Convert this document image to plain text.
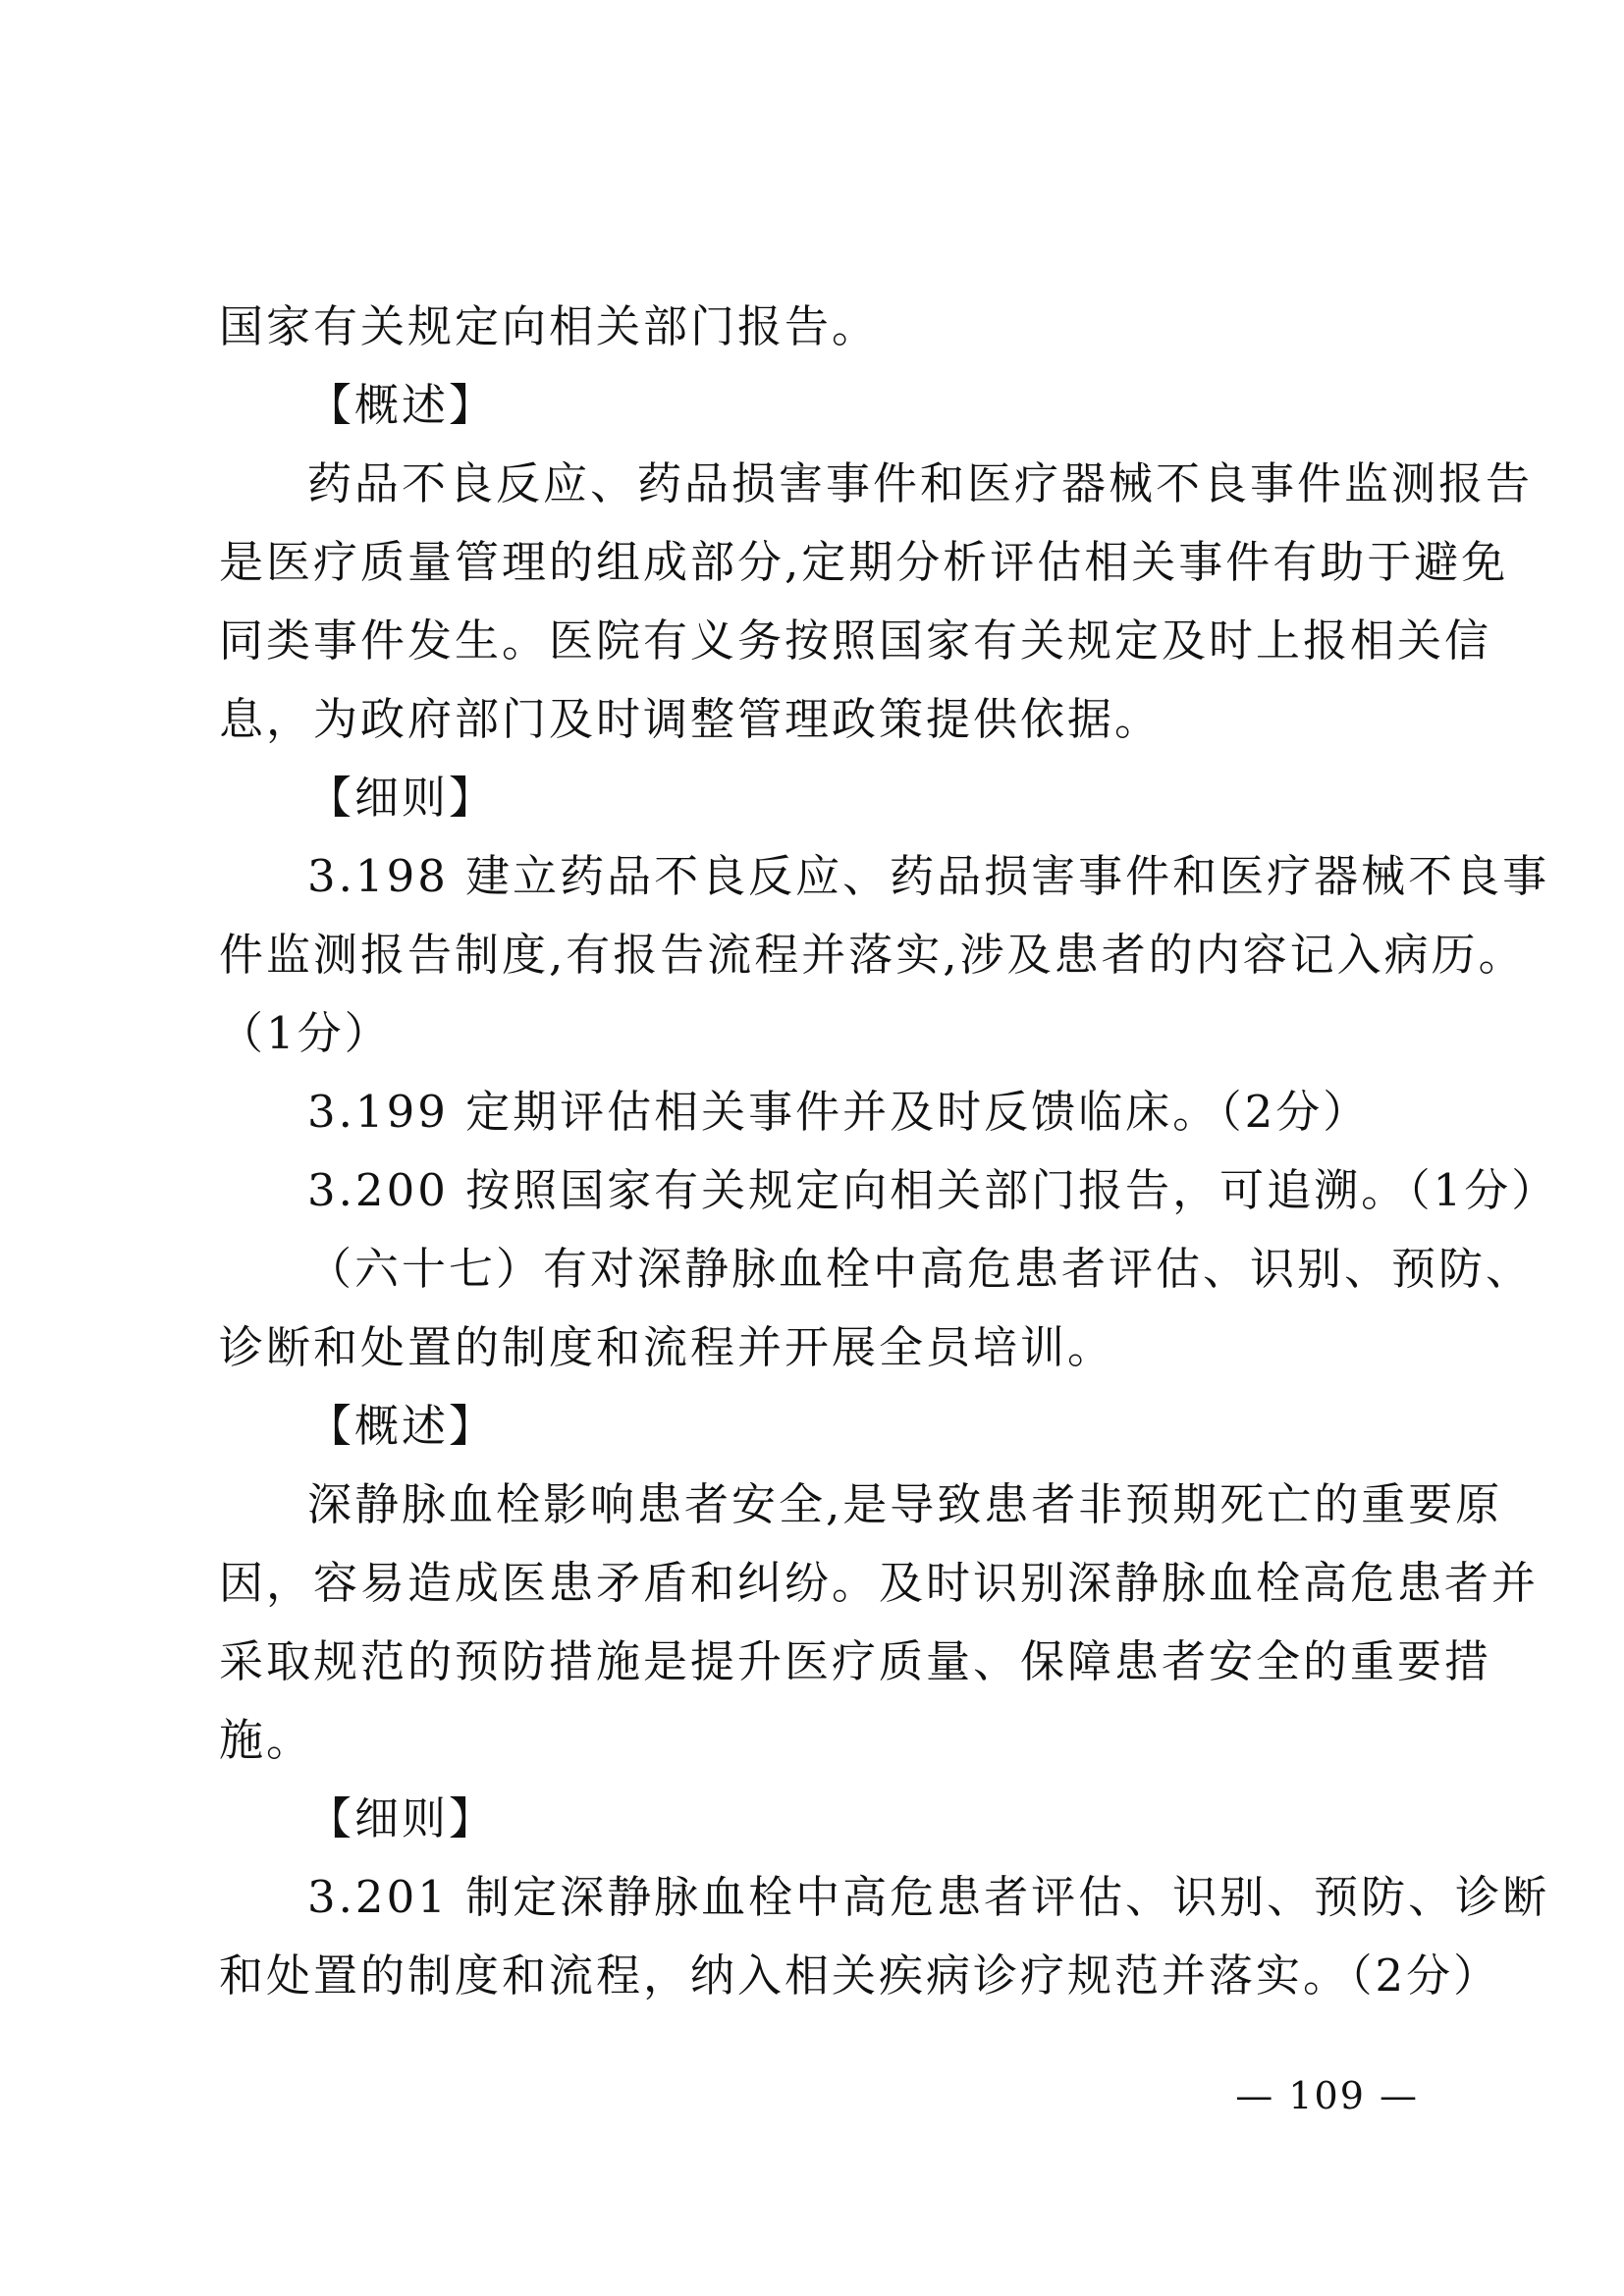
国家有关规定向相关部门报告。

【概述】

药品不良反应、药品损害事件和医疗器械不良事件监测报告

是医疗质量管理的组成部分,定期分析评估相关事件有助于避免

同类事件发生。医院有义务按照国家有关规定及时上报相关信

息，为政府部门及时调整管理政策提供依据。

【细则】

3.198 建立药品不良反应、药品损害事件和医疗器械不良事

件监测报告制度,有报告流程并落实,涉及患者的内容记入病历。

（1分）

3.199 定期评估相关事件并及时反馈临床。（2分）

3.200 按照国家有关规定向相关部门报告，可追溯。（1分）

（六十七）有对深静脉血栓中高危患者评估、识别、预防、

诊断和处置的制度和流程并开展全员培训。

【概述】

深静脉血栓影响患者安全,是导致患者非预期死亡的重要原

因，容易造成医患矛盾和纠纷。及时识别深静脉血栓高危患者并

采取规范的预防措施是提升医疗质量、保障患者安全的重要措

施。

【细则】

3.201 制定深静脉血栓中高危患者评估、识别、预防、诊断

和处置的制度和流程，纳入相关疾病诊疗规范并落实。（2分）

— 109 —
